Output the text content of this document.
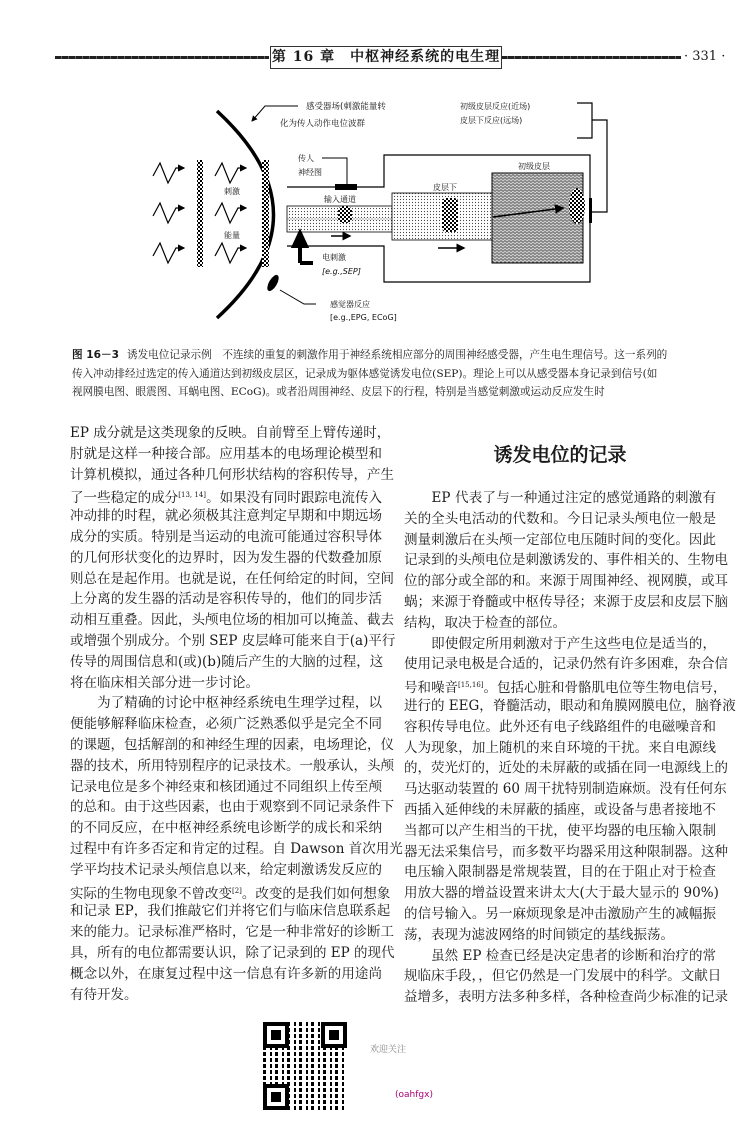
第 16 章　中枢神经系统的电生理	· 331 ·
刺激
能量
感受器场(刺激能量转
化为传人动作电位波群
初级皮层反应(近场)
皮层下反应(远场)
传人
神经图
输入通道
皮层下
初级皮层
电刺激
[e.g.,SEP]
感觉器反应
[e.g.,EPG, ECoG]
图 16－3 诱发电位记录示例　不连续的重复的刺激作用于神经系统相应部分的周围神经感受器，产生电生理信号。这一系列的
传入冲动排经过选定的传入通道达到初级皮层区，记录成为躯体感觉诱发电位(SEP)。理论上可以从感受器本身记录到信号(如
视网膜电图、眼震图、耳蜗电图、ECoG)。或者沿周围神经、皮层下的行程，特别是当感觉刺激或运动反应发生时
EP 成分就是这类现象的反映。自前臂至上臂传递时，
肘就是这样一种接合部。应用基本的电场理论模型和
计算机模拟，通过各种几何形状结构的容积传导，产生
了一些稳定的成分[13, 14]。如果没有同时跟踪电流传入
冲动排的时程，就必须极其注意判定早期和中期远场
成分的实质。特别是当运动的电流可能通过容积导体
的几何形状变化的边界时，因为发生器的代数叠加原
则总在是起作用。也就是说，在任何给定的时间，空间
上分离的发生器的活动是容积传导的，他们的同步活
动相互重叠。因此，头颅电位场的相加可以掩盖、截去
或增强个别成分。个别 SEP 皮层峰可能来自于(a)平行
传导的周围信息和(或)(b)随后产生的大脑的过程，这
将在临床相关部分进一步讨论。
　　为了精确的讨论中枢神经系统电生理学过程，以
便能够解释临床检查，必须广泛熟悉似乎是完全不同
的课题，包括解剖的和神经生理的因素，电场理论，仪
器的技术，所用特别程序的记录技术。一般承认，头颅
记录电位是多个神经束和核团通过不同组织上传至颅
的总和。由于这些因素，也由于观察到不同记录条件下
的不同反应，在中枢神经系统电诊断学的成长和采纳
过程中有许多否定和肯定的过程。自 Dawson 首次用光
学平均技术记录头颅信息以来，给定刺激诱发反应的
实际的生物电现象不曾改变[2]。改变的是我们如何想象
和记录 EP，我们推敲它们并将它们与临床信息联系起
来的能力。记录标准严格时，它是一种非常好的诊断工
具，所有的电位都需要认识，除了记录到的 EP 的现代
概念以外，在康复过程中这一信息有许多新的用途尚
有待开发。
诱发电位的记录
　　EP 代表了与一种通过注定的感觉通路的刺激有
关的全头电活动的代数和。今日记录头颅电位一般是
测量刺激后在头颅一定部位电压随时间的变化。因此
记录到的头颅电位是刺激诱发的、事件相关的、生物电
位的部分或全部的和。来源于周围神经、视网膜，或耳
蜗；来源于脊髓或中枢传导径；来源于皮层和皮层下脑
结构，取决于检查的部位。
　　即使假定所用刺激对于产生这些电位是适当的，
使用记录电极是合适的，记录仍然有许多困难，杂合信
号和噪音[15,16]。包括心脏和骨骼肌电位等生物电信号，
进行的 EEG，脊髓活动，眼动和角膜网膜电位，脑脊液
容积传导电位。此外还有电子线路组件的电磁噪音和
人为现象，加上随机的来自环境的干扰。来自电源线
的，荧光灯的，近处的未屏蔽的或插在同一电源线上的
马达驱动装置的 60 周干扰特别制造麻烦。没有任何东
西插入延伸线的未屏蔽的插座，或设备与患者接地不
当都可以产生相当的干扰，使平均器的电压输入限制
器无法采集信号，而多数平均器采用这种限制器。这种
电压输入限制器是常规装置，目的在于阻止对于检查
用放大器的增益设置来讲太大(大于最大显示的 90%)
的信号输入。另一麻烦现象是冲击激励产生的减幅振
荡，表现为滤波网络的时间锁定的基线振荡。
　　虽然 EP 检查已经是决定患者的诊断和治疗的常
规临床手段，，但它仍然是一门发展中的科学。文献日
益增多，表明方法多种多样，各种检查尚少标准的记录
欢迎关注
(oahfgx)
